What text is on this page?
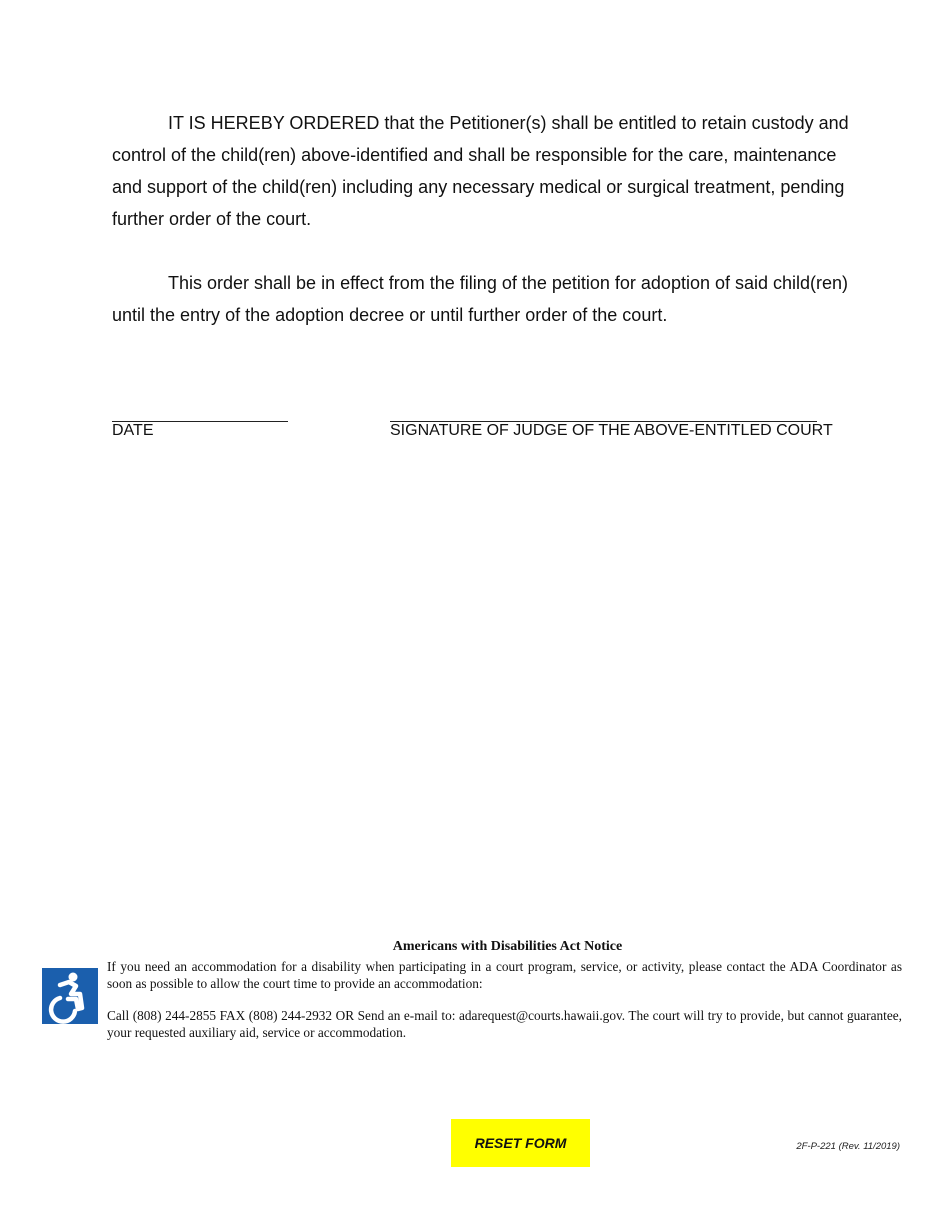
IT IS HEREBY ORDERED that the Petitioner(s) shall be entitled to retain custody and control of the child(ren) above-identified and shall be responsible for the care, maintenance and support of the child(ren) including any necessary medical or surgical treatment, pending further order of the court.

This order shall be in effect from the filing of the petition for adoption of said child(ren) until the entry of the adoption decree or until further order of the court.

DATE	SIGNATURE OF JUDGE OF THE ABOVE-ENTITLED COURT
Americans with Disabilities Act Notice

If you need an accommodation for a disability when participating in a court program, service, or activity, please contact the ADA Coordinator as soon as possible to allow the court time to provide an accommodation:

Call (808) 244-2855 FAX (808) 244-2932 OR Send an e-mail to: adarequest@courts.hawaii.gov. The court will try to provide, but cannot guarantee, your requested auxiliary aid, service or accommodation.

RESET FORM	2F-P-221 (Rev. 11/2019)
